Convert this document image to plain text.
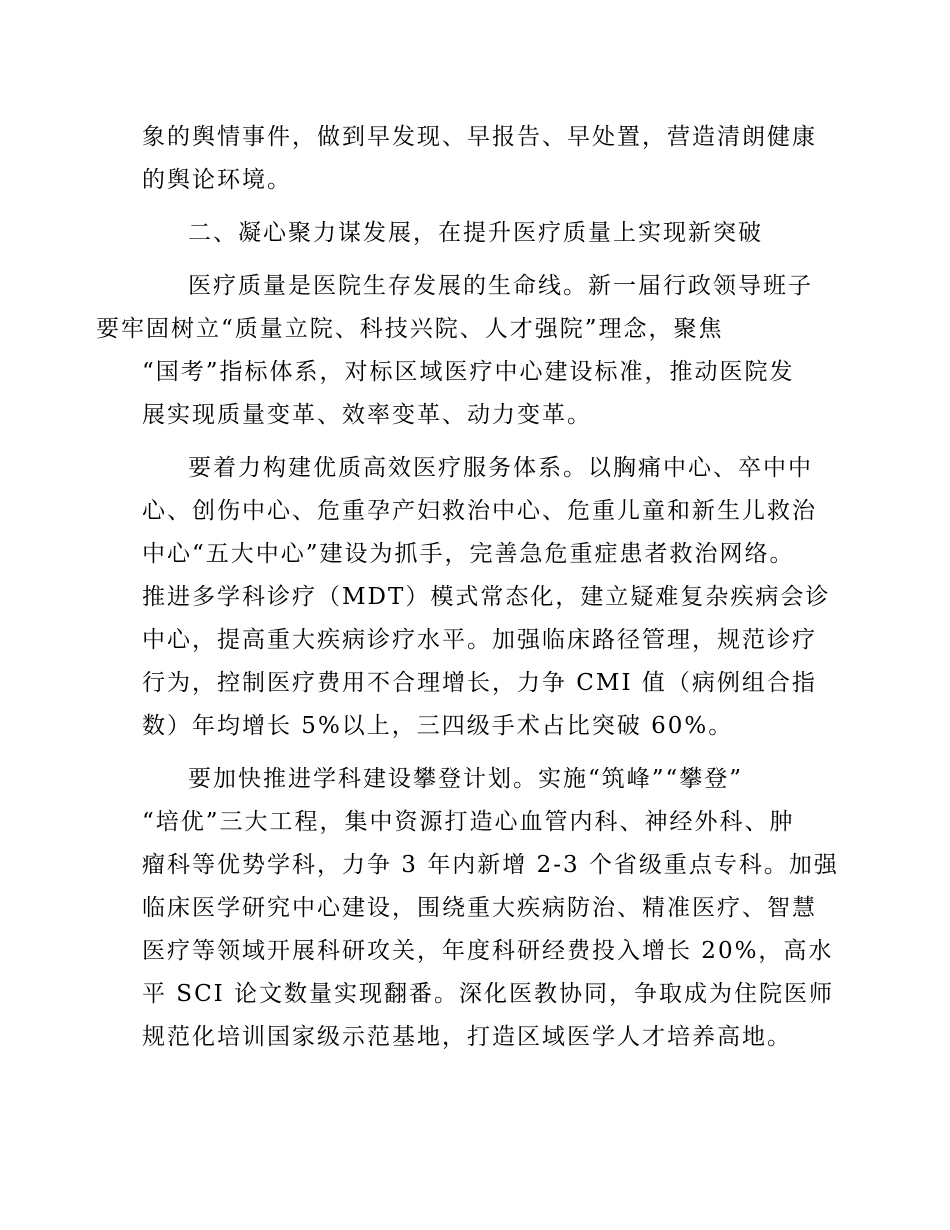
象的舆情事件，做到早发现、早报告、早处置，营造清朗健康
的舆论环境。

二、凝心聚力谋发展，在提升医疗质量上实现新突破

医疗质量是医院生存发展的生命线。新一届行政领导班子
要牢固树立“质量立院、科技兴院、人才强院”理念，聚焦
“国考”指标体系，对标区域医疗中心建设标准，推动医院发
展实现质量变革、效率变革、动力变革。

要着力构建优质高效医疗服务体系。以胸痛中心、卒中中
心、创伤中心、危重孕产妇救治中心、危重儿童和新生儿救治
中心“五大中心”建设为抓手，完善急危重症患者救治网络。
推进多学科诊疗（MDT）模式常态化，建立疑难复杂疾病会诊
中心，提高重大疾病诊疗水平。加强临床路径管理，规范诊疗
行为，控制医疗费用不合理增长，力争 CMI 值（病例组合指
数）年均增长 5%以上，三四级手术占比突破 60%。

要加快推进学科建设攀登计划。实施“筑峰”“攀登”
“培优”三大工程，集中资源打造心血管内科、神经外科、肿
瘤科等优势学科，力争 3 年内新增 2-3 个省级重点专科。加强
临床医学研究中心建设，围绕重大疾病防治、精准医疗、智慧
医疗等领域开展科研攻关，年度科研经费投入增长 20%，高水
平 SCI 论文数量实现翻番。深化医教协同，争取成为住院医师
规范化培训国家级示范基地，打造区域医学人才培养高地。
